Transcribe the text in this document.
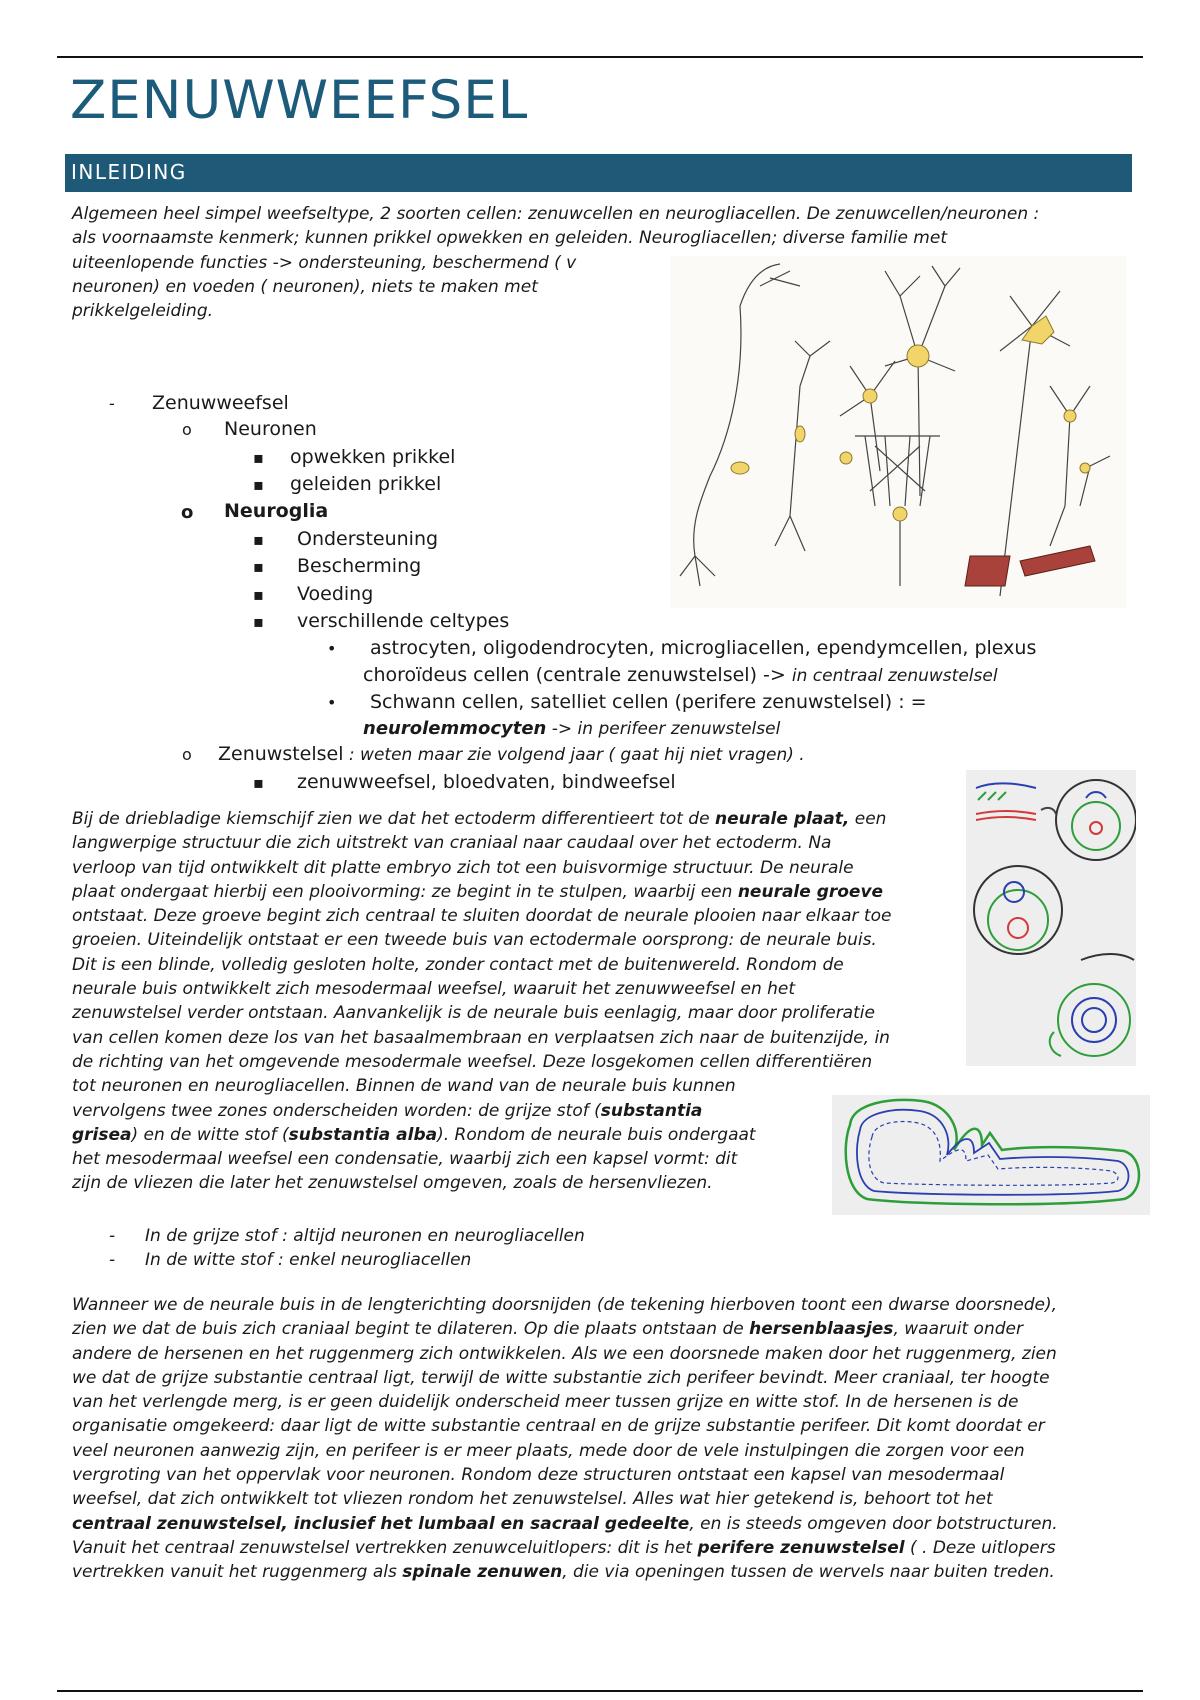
ZENUWWEEFSEL
INLEIDING

Algemeen heel simpel weefseltype, 2 soorten cellen: zenuwcellen en neurogliacellen. De zenuwcellen/neuronen :
als voornaamste kenmerk; kunnen prikkel opwekken en geleiden. Neurogliacellen; diverse familie met
uiteenlopende functies -> ondersteuning, beschermend ( v
neuronen) en voeden ( neuronen), niets te maken met
prikkelgeleiding.

- Zenuwweefsel
o Neuronen
▪ opwekken prikkel
▪ geleiden prikkel
o Neuroglia
▪ Ondersteuning
▪ Bescherming
▪ Voeding
▪ verschillende celtypes
• astrocyten, oligodendrocyten, microgliacellen, ependymcellen, plexus
choroïdeus cellen (centrale zenuwstelsel) -> in centraal zenuwstelsel
• Schwann cellen, satelliet cellen (perifere zenuwstelsel) : =
neurolemmocyten -> in perifeer zenuwstelsel
o Zenuwstelsel : weten maar zie volgend jaar ( gaat hij niet vragen) .
▪ zenuwweefsel, bloedvaten, bindweefsel

Bij de driebladige kiemschijf zien we dat het ectoderm differentieert tot de neurale plaat, een
langwerpige structuur die zich uitstrekt van craniaal naar caudaal over het ectoderm. Na
verloop van tijd ontwikkelt dit platte embryo zich tot een buisvormige structuur. De neurale
plaat ondergaat hierbij een plooivorming: ze begint in te stulpen, waarbij een neurale groeve
ontstaat. Deze groeve begint zich centraal te sluiten doordat de neurale plooien naar elkaar toe
groeien. Uiteindelijk ontstaat er een tweede buis van ectodermale oorsprong: de neurale buis.
Dit is een blinde, volledig gesloten holte, zonder contact met de buitenwereld. Rondom de
neurale buis ontwikkelt zich mesodermaal weefsel, waaruit het zenuwweefsel en het
zenuwstelsel verder ontstaan. Aanvankelijk is de neurale buis eenlagig, maar door proliferatie
van cellen komen deze los van het basaalmembraan en verplaatsen zich naar de buitenzijde, in
de richting van het omgevende mesodermale weefsel. Deze losgekomen cellen differentiëren
tot neuronen en neurogliacellen. Binnen de wand van de neurale buis kunnen
vervolgens twee zones onderscheiden worden: de grijze stof (substantia
grisea) en de witte stof (substantia alba). Rondom de neurale buis ondergaat
het mesodermaal weefsel een condensatie, waarbij zich een kapsel vormt: dit
zijn de vliezen die later het zenuwstelsel omgeven, zoals de hersenvliezen.

- In de grijze stof : altijd neuronen en neurogliacellen
- In de witte stof : enkel neurogliacellen

Wanneer we de neurale buis in de lengterichting doorsnijden (de tekening hierboven toont een dwarse doorsnede),
zien we dat de buis zich craniaal begint te dilateren. Op die plaats ontstaan de hersenblaasjes, waaruit onder
andere de hersenen en het ruggenmerg zich ontwikkelen. Als we een doorsnede maken door het ruggenmerg, zien
we dat de grijze substantie centraal ligt, terwijl de witte substantie zich perifeer bevindt. Meer craniaal, ter hoogte
van het verlengde merg, is er geen duidelijk onderscheid meer tussen grijze en witte stof. In de hersenen is de
organisatie omgekeerd: daar ligt de witte substantie centraal en de grijze substantie perifeer. Dit komt doordat er
veel neuronen aanwezig zijn, en perifeer is er meer plaats, mede door de vele instulpingen die zorgen voor een
vergroting van het oppervlak voor neuronen. Rondom deze structuren ontstaat een kapsel van mesodermaal
weefsel, dat zich ontwikkelt tot vliezen rondom het zenuwstelsel. Alles wat hier getekend is, behoort tot het
centraal zenuwstelsel, inclusief het lumbaal en sacraal gedeelte, en is steeds omgeven door botstructuren.
Vanuit het centraal zenuwstelsel vertrekken zenuwceluitlopers: dit is het perifere zenuwstelsel ( . Deze uitlopers
vertrekken vanuit het ruggenmerg als spinale zenuwen, die via openingen tussen de wervels naar buiten treden.
